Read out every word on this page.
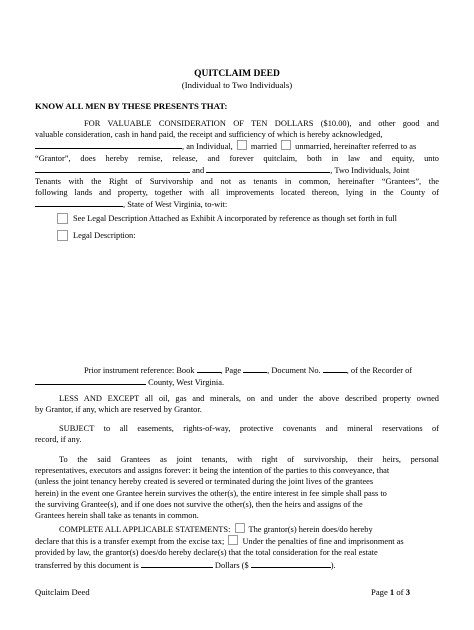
QUITCLAIM DEED
(Individual to Two Individuals)
KNOW ALL MEN BY THESE PRESENTS THAT:
FOR VALUABLE CONSIDERATION OF TEN DOLLARS ($10.00), and other good and
valuable consideration, cash in hand paid, the receipt and sufficiency of which is hereby acknowledged,
, an Individual, married unmarried, hereinafter referred to as
“Grantor”, does hereby remise, release, and forever quitclaim, both in law and equity, unto
and	, Two Individuals, Joint
Tenants with the Right of Survivorship and not as tenants in common, hereinafter “Grantees”, the
following lands and property, together with all improvements located thereon, lying in the County of
, State of West Virginia, to-wit:
See Legal Description Attached as Exhibit A incorporated by reference as though set forth in full
Legal Description:
Prior instrument reference: Book	, Page	, Document No.	, of the Recorder of
County, West Virginia.
LESS AND EXCEPT all oil, gas and minerals, on and under the above described property owned
by Grantor, if any, which are reserved by Grantor.
SUBJECT to all easements, rights-of-way, protective covenants and mineral reservations of
record, if any.
To the said Grantees as joint tenants, with right of survivorship, their heirs, personal
representatives, executors and assigns forever: it being the intention of the parties to this conveyance, that
(unless the joint tenancy hereby created is severed or terminated during the joint lives of the grantees
herein) in the event one Grantee herein survives the other(s), the entire interest in fee simple shall pass to
the surviving Grantee(s), and if one does not survive the other(s), then the heirs and assigns of the
Grantees herein shall take as tenants in common.
COMPLETE ALL APPLICABLE STATEMENTS: The grantor(s) herein does/do hereby
declare that this is a transfer exempt from the excise tax; Under the penalties of fine and imprisonment as
provided by law, the grantor(s) does/do hereby declare(s) that the total consideration for the real estate
transferred by this document is	Dollars ($	).
Quitclaim Deed	Page 1 of 3
